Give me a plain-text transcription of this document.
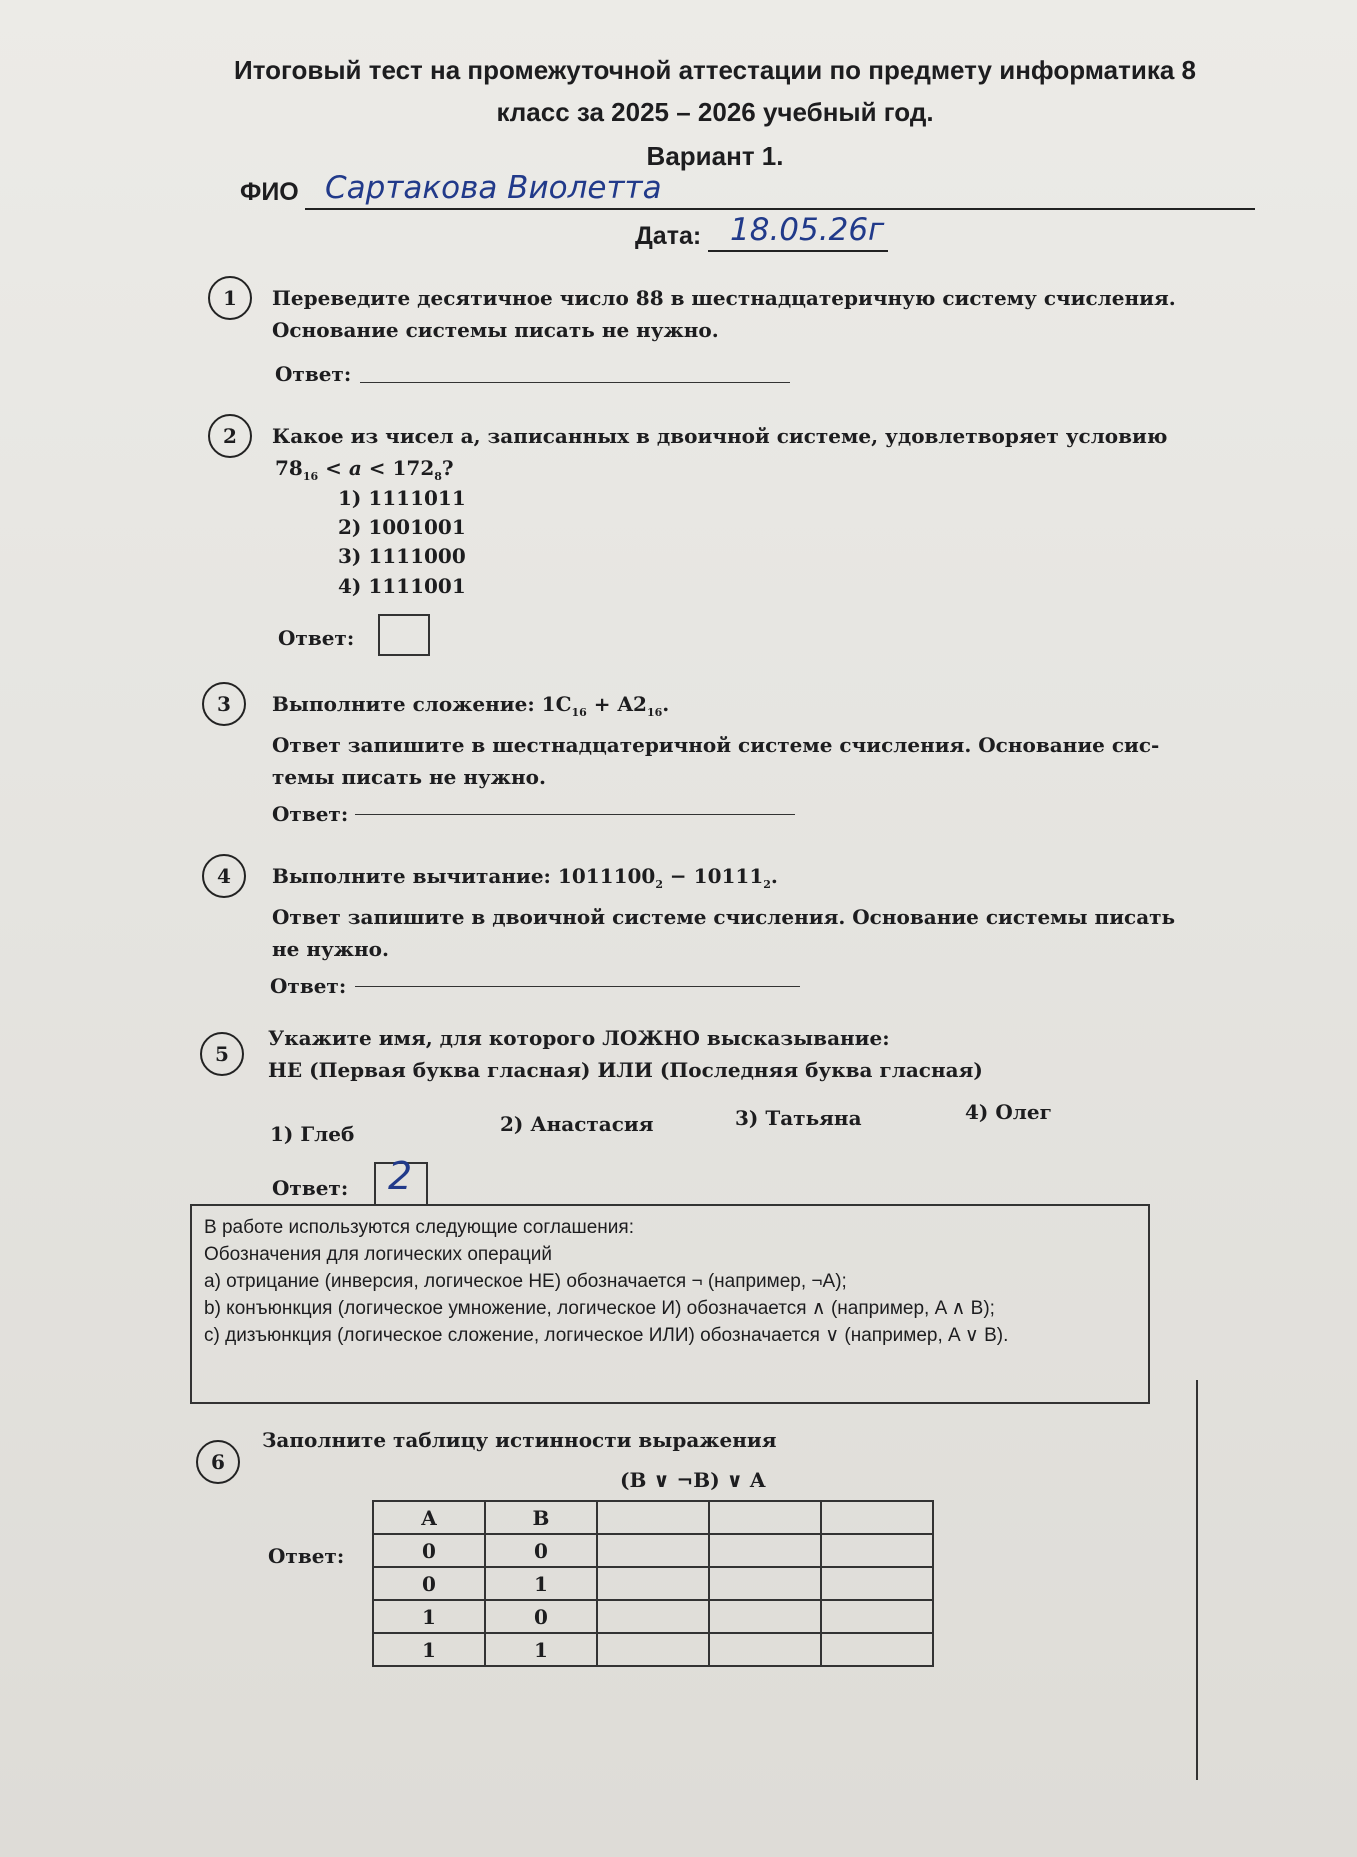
Итоговый тест на промежуточной аттестации по предмету информатика 8
класс за 2025 – 2026 учебный год.
Вариант 1.
ФИО Сартакова Виолетта
Дата: 18.05.26г
1	Переведите десятичное число 88 в шестнадцатеричную систему счисления.
Основание системы писать не нужно.
Ответ:
2	Какое из чисел a, записанных в двоичной системе, удовлетворяет условию
$78_{16} < a < 172_8$?
1) 1111011
2) 1001001
3) 1111000
4) 1111001
Ответ:
3	Выполните сложение: $1C_{16} + A2_{16}$.
Ответ запишите в шестнадцатеричной системе счисления. Основание сис-
темы писать не нужно.
Ответ:
4	Выполните вычитание: $1011100_2 - 10111_2$.
Ответ запишите в двоичной системе счисления. Основание системы писать
не нужно.
Ответ:
5
Укажите имя, для которого ЛОЖНО высказывание:
НЕ (Первая буква гласная) ИЛИ (Последняя буква гласная)
1) Глеб	2) Анастасия	3) Татьяна	4) Олег
Ответ: 2
В работе используются следующие соглашения:
Обозначения для логических операций
a) отрицание (инверсия, логическое НЕ) обозначается ¬ (например, ¬A);
b) конъюнкция (логическое умножение, логическое И) обозначается ∧ (например, A ∧ B);
c) дизъюнкция (логическое сложение, логическое ИЛИ) обозначается ∨ (например, A ∨ B).
6
Заполните таблицу истинности выражения
(B ∨ ¬B) ∨ A
Ответ:
A	B			
0	0			
0	1			
1	0			
1	1			
